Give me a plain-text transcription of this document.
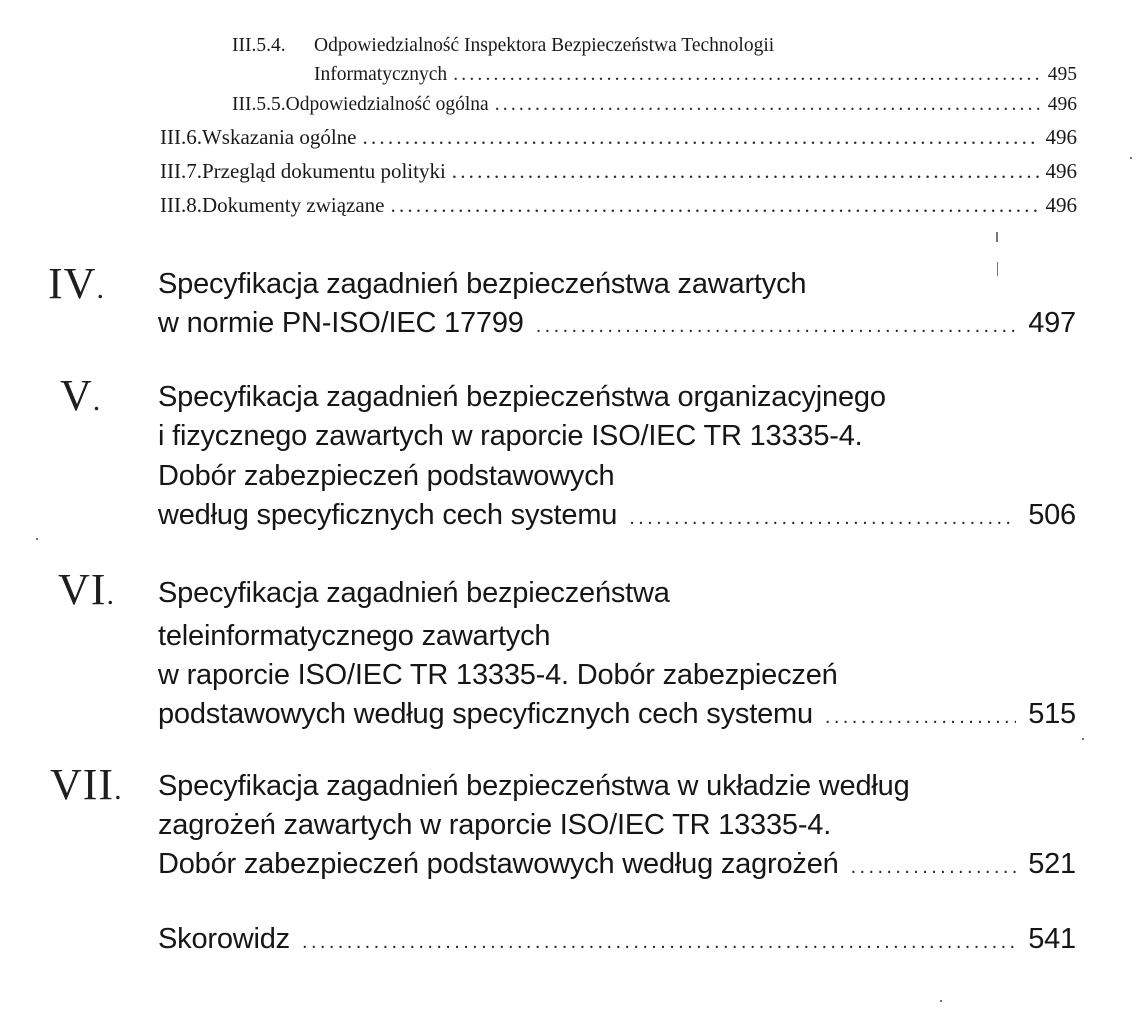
III.5.4.	Odpowiedzialność Inspektora Bezpieczeństwa Technologii
Informatycznych .....	495
III.5.5. Odpowiedzialność ogólna .....	496
III.6. Wskazania ogólne .....	496
III.7. Przegląd dokumentu polityki .....	496
III.8. Dokumenty związane .....	496
IV . Specyfikacja zagadnień bezpieczeństwa zawartych
w normie PN-ISO/IEC 17799 .....	497
V . Specyfikacja zagadnień bezpieczeństwa organizacyjnego
i fizycznego zawartych w raporcie ISO/IEC TR 13335-4.
Dobór zabezpieczeń podstawowych
według specyficznych cech systemu .....	506
VI . Specyfikacja zagadnień bezpieczeństwa
teleinformatycznego zawartych
w raporcie ISO/IEC TR 13335-4. Dobór zabezpieczeń
podstawowych według specyficznych cech systemu .....	515
VII . Specyfikacja zagadnień bezpieczeństwa w układzie według
zagrożeń zawartych w raporcie ISO/IEC TR 13335-4.
Dobór zabezpieczeń podstawowych według zagrożeń .....	521
Skorowidz .....	541
